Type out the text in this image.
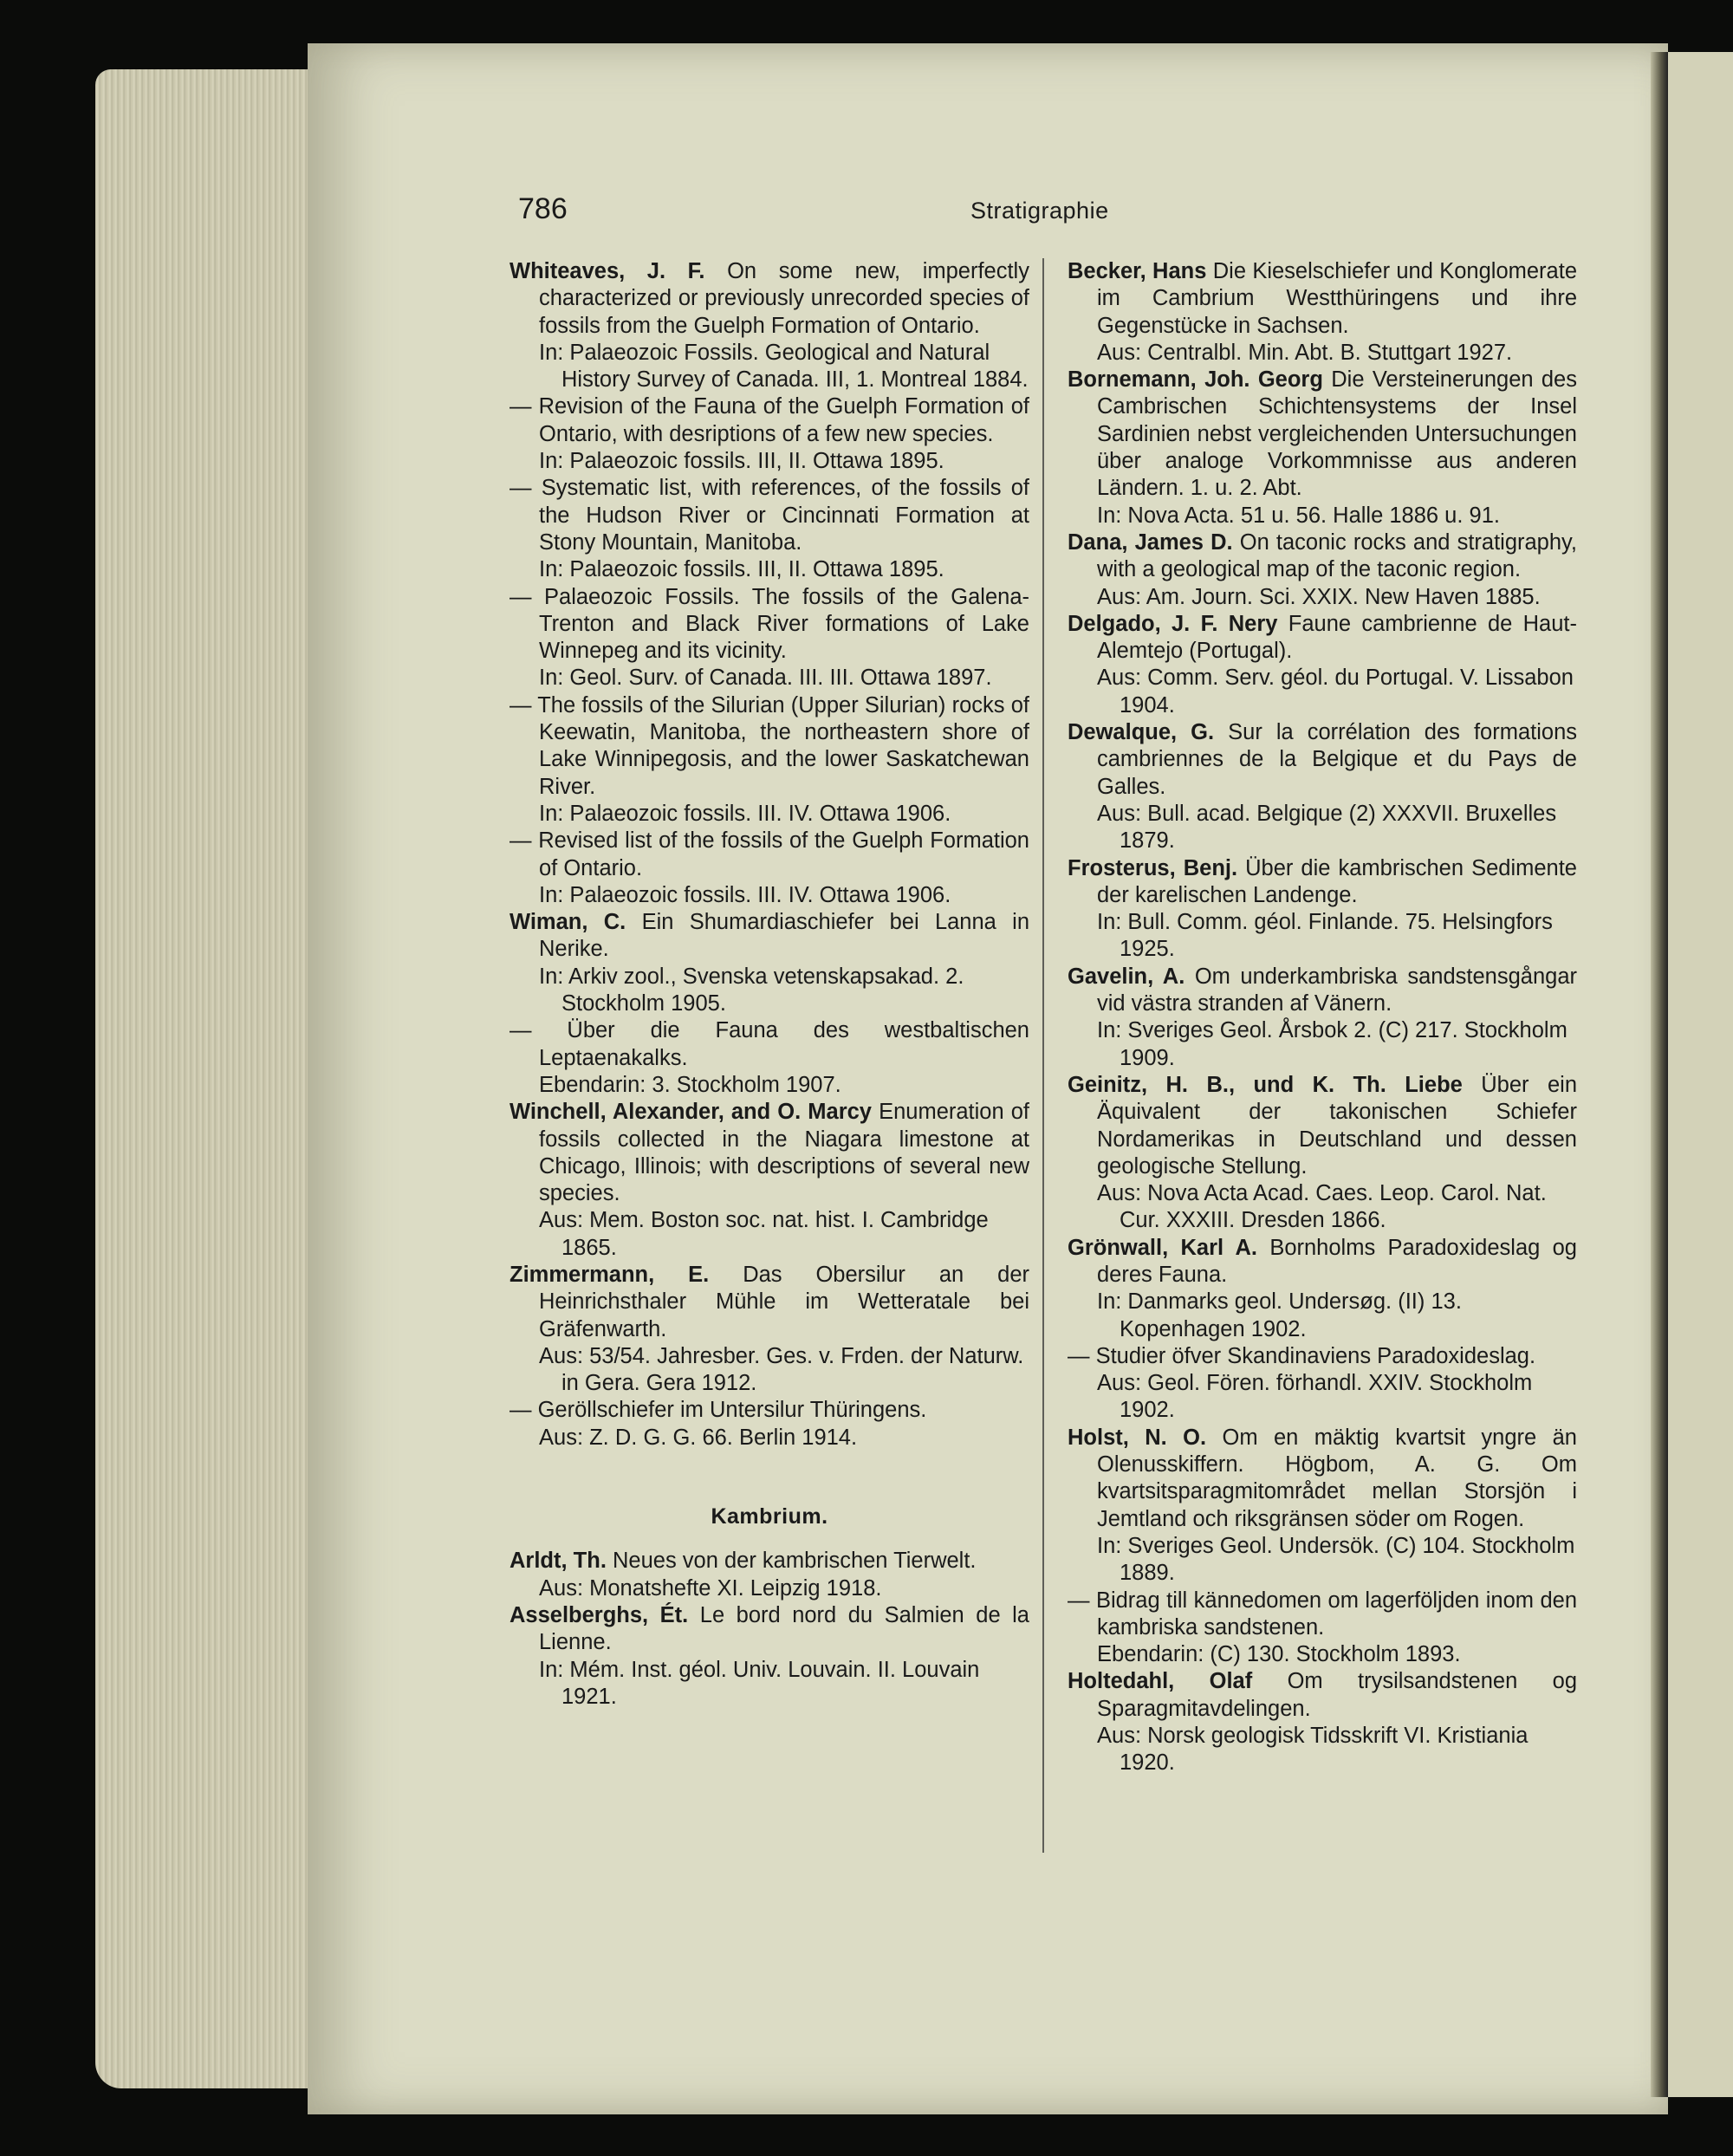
786	Stratigraphie
Whiteaves, J. F. On some new, imperfectly characterized or previously unrecorded species of fossils from the Guelph Formation of Ontario.
In: Palaeozoic Fossils. Geological and Natural History Survey of Canada. III, 1. Montreal 1884.
— Revision of the Fauna of the Guelph Formation of Ontario, with desriptions of a few new species.
In: Palaeozoic fossils. III, II. Ottawa 1895.
— Systematic list, with references, of the fossils of the Hudson River or Cincinnati Formation at Stony Mountain, Manitoba.
In: Palaeozoic fossils. III, II. Ottawa 1895.
— Palaeozoic Fossils. The fossils of the Galena-Trenton and Black River formations of Lake Winnepeg and its vicinity.
In: Geol. Surv. of Canada. III. III. Ottawa 1897.
— The fossils of the Silurian (Upper Silurian) rocks of Keewatin, Manitoba, the northeastern shore of Lake Winnipegosis, and the lower Saskatchewan River.
In: Palaeozoic fossils. III. IV. Ottawa 1906.
— Revised list of the fossils of the Guelph Formation of Ontario.
In: Palaeozoic fossils. III. IV. Ottawa 1906.
Wiman, C. Ein Shumardiaschiefer bei Lanna in Nerike.
In: Arkiv zool., Svenska vetenskapsakad. 2. Stockholm 1905.
— Über die Fauna des westbaltischen Leptaenakalks.
Ebendarin: 3. Stockholm 1907.
Winchell, Alexander, and O. Marcy Enumeration of fossils collected in the Niagara limestone at Chicago, Illinois; with descriptions of several new species.
Aus: Mem. Boston soc. nat. hist. I. Cambridge 1865.
Zimmermann, E. Das Obersilur an der Heinrichsthaler Mühle im Wetteratale bei Gräfenwarth.
Aus: 53/54. Jahresber. Ges. v. Frden. der Naturw. in Gera. Gera 1912.
— Geröllschiefer im Untersilur Thüringens.
Aus: Z. D. G. G. 66. Berlin 1914.
Kambrium.
Arldt, Th. Neues von der kambrischen Tierwelt.
Aus: Monatshefte XI. Leipzig 1918.
Asselberghs, Ét. Le bord nord du Salmien de la Lienne.
In: Mém. Inst. géol. Univ. Louvain. II. Louvain 1921.
Becker, Hans Die Kieselschiefer und Konglomerate im Cambrium Westthüringens und ihre Gegenstücke in Sachsen.
Aus: Centralbl. Min. Abt. B. Stuttgart 1927.
Bornemann, Joh. Georg Die Versteinerungen des Cambrischen Schichtensystems der Insel Sardinien nebst vergleichenden Untersuchungen über analoge Vorkommnisse aus anderen Ländern. 1. u. 2. Abt.
In: Nova Acta. 51 u. 56. Halle 1886 u. 91.
Dana, James D. On taconic rocks and stratigraphy, with a geological map of the taconic region.
Aus: Am. Journ. Sci. XXIX. New Haven 1885.
Delgado, J. F. Nery Faune cambrienne de Haut-Alemtejo (Portugal).
Aus: Comm. Serv. géol. du Portugal. V. Lissabon 1904.
Dewalque, G. Sur la corrélation des formations cambriennes de la Belgique et du Pays de Galles.
Aus: Bull. acad. Belgique (2) XXXVII. Bruxelles 1879.
Frosterus, Benj. Über die kambrischen Sedimente der karelischen Landenge.
In: Bull. Comm. géol. Finlande. 75. Helsingfors 1925.
Gavelin, A. Om underkambriska sandstensgångar vid västra stranden af Vänern.
In: Sveriges Geol. Årsbok 2. (C) 217. Stockholm 1909.
Geinitz, H. B., und K. Th. Liebe Über ein Äquivalent der takonischen Schiefer Nordamerikas in Deutschland und dessen geologische Stellung.
Aus: Nova Acta Acad. Caes. Leop. Carol. Nat. Cur. XXXIII. Dresden 1866.
Grönwall, Karl A. Bornholms Paradoxideslag og deres Fauna.
In: Danmarks geol. Undersøg. (II) 13. Kopenhagen 1902.
— Studier öfver Skandinaviens Paradoxideslag.
Aus: Geol. Fören. förhandl. XXIV. Stockholm 1902.
Holst, N. O. Om en mäktig kvartsit yngre än Olenusskiffern. Högbom, A. G. Om kvartsitsparagmitområdet mellan Storsjön i Jemtland och riksgränsen söder om Rogen.
In: Sveriges Geol. Undersök. (C) 104. Stockholm 1889.
— Bidrag till kännedomen om lagerföljden inom den kambriska sandstenen.
Ebendarin: (C) 130. Stockholm 1893.
Holtedahl, Olaf Om trysilsandstenen og Sparagmitavdelingen.
Aus: Norsk geologisk Tidsskrift VI. Kristiania 1920.
